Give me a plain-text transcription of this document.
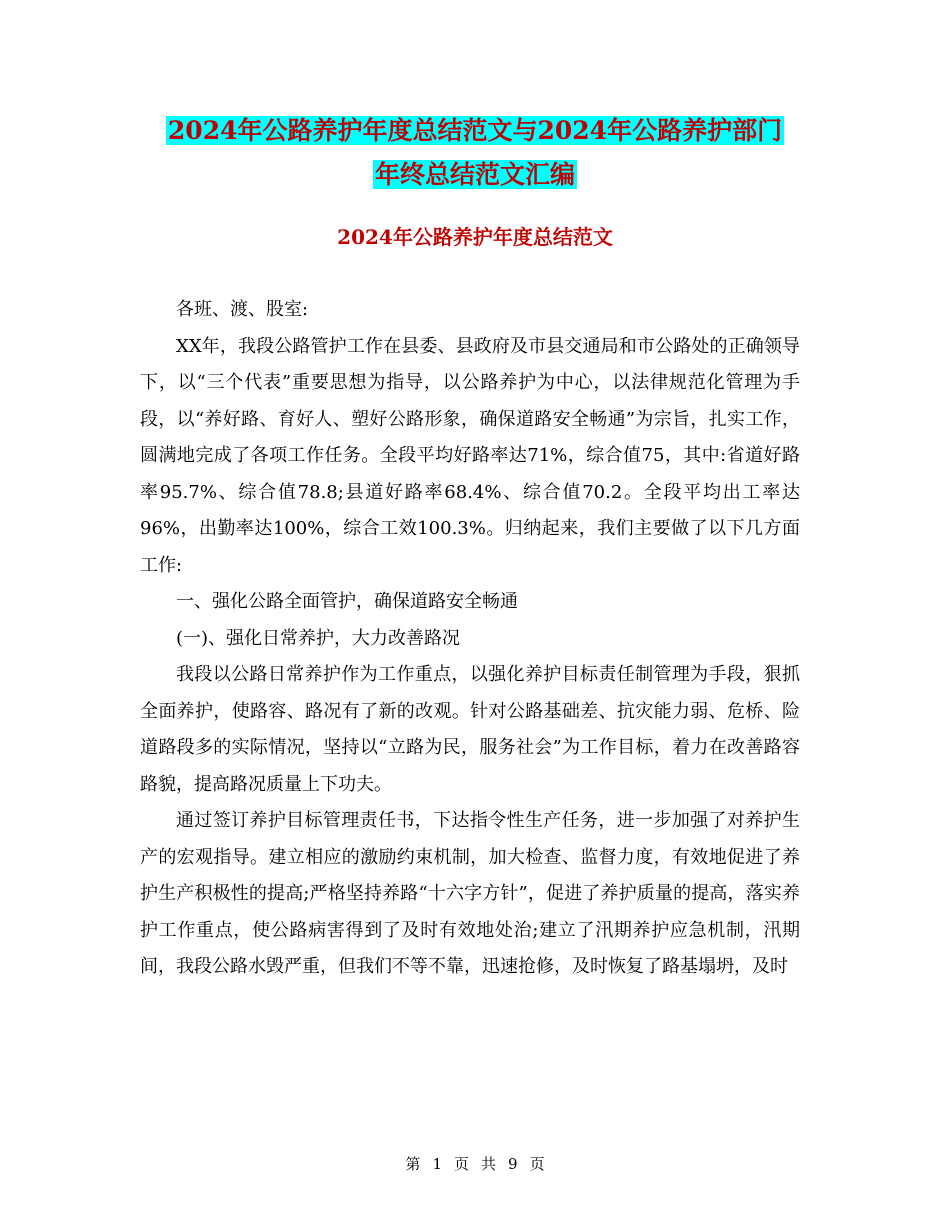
2024年公路养护年度总结范文与2024年公路养护部门
年终总结范文汇编
2024年公路养护年度总结范文

各班、渡、股室:

XX年，我段公路管护工作在县委、县政府及市县交通局和市公路处的正确领导下，以“三个代表”重要思想为指导，以公路养护为中心，以法律规范化管理为手段，以“养好路、育好人、塑好公路形象，确保道路安全畅通”为宗旨，扎实工作，圆满地完成了各项工作任务。全段平均好路率达71%，综合值75，其中:省道好路率95.7%、综合值78.8;县道好路率68.4%、综合值70.2。全段平均出工率达96%，出勤率达100%，综合工效100.3%。归纳起来，我们主要做了以下几方面工作:

一、强化公路全面管护，确保道路安全畅通

(一)、强化日常养护，大力改善路况

我段以公路日常养护作为工作重点，以强化养护目标责任制管理为手段，狠抓全面养护，使路容、路况有了新的改观。针对公路基础差、抗灾能力弱、危桥、险道路段多的实际情况，坚持以“立路为民，服务社会”为工作目标，着力在改善路容路貌，提高路况质量上下功夫。

通过签订养护目标管理责任书，下达指令性生产任务，进一步加强了对养护生产的宏观指导。建立相应的激励约束机制，加大检查、监督力度，有效地促进了养护生产积极性的提高;严格坚持养路“十六字方针”，促进了养护质量的提高，落实养护工作重点，使公路病害得到了及时有效地处治;建立了汛期养护应急机制，汛期间，我段公路水毁严重，但我们不等不靠，迅速抢修，及时恢复了路基塌坍，及时

第 1 页 共 9 页
